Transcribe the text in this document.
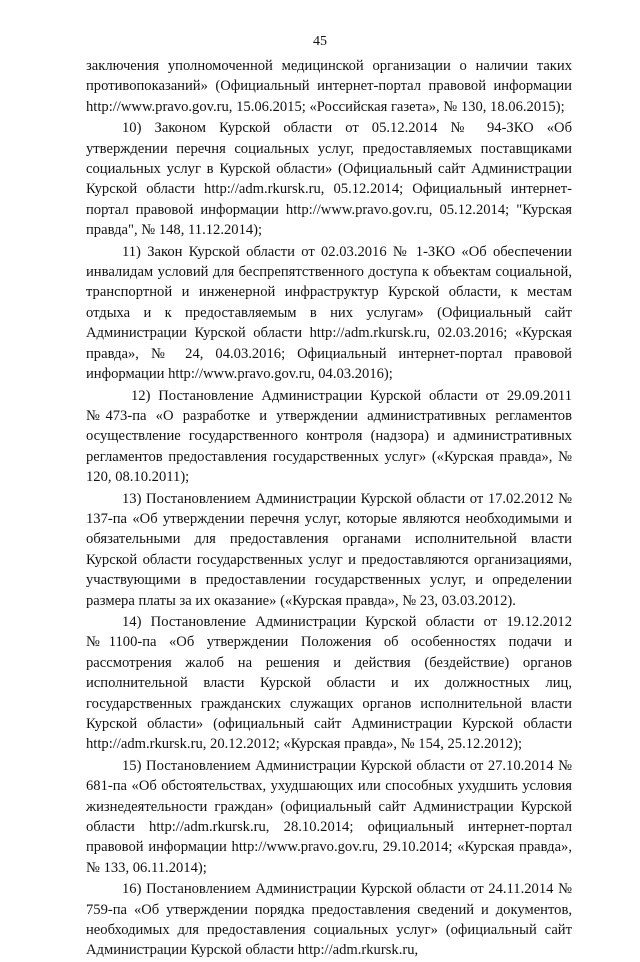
45

заключения уполномоченной медицинской организации о наличии таких противопоказаний» (Официальный интернет-портал правовой информации http://www.pravo.gov.ru, 15.06.2015; «Российская газета», № 130, 18.06.2015);

10) Законом Курской области от 05.12.2014 № 94-ЗКО «Об утверждении перечня социальных услуг, предоставляемых поставщиками социальных услуг в Курской области» (Официальный сайт Администрации Курской области http://adm.rkursk.ru, 05.12.2014; Официальный интернет-портал правовой информации http://www.pravo.gov.ru, 05.12.2014; "Курская правда", № 148, 11.12.2014);

11) Закон Курской области от 02.03.2016 № 1-ЗКО «Об обеспечении инвалидам условий для беспрепятственного доступа к объектам социальной, транспортной и инженерной инфраструктур Курской области, к местам отдыха и к предоставляемым в них услугам» (Официальный сайт Администрации Курской области http://adm.rkursk.ru, 02.03.2016; «Курская правда», № 24, 04.03.2016; Официальный интернет-портал правовой информации http://www.pravo.gov.ru, 04.03.2016);

12) Постановление Администрации Курской области от 29.09.2011 №473-па «О разработке и утверждении административных регламентов осуществление государственного контроля (надзора) и административных регламентов предоставления государственных услуг» («Курская правда», № 120, 08.10.2011);

13) Постановлением Администрации Курской области от 17.02.2012 № 137-па «Об утверждении перечня услуг, которые являются необходимыми и обязательными для предоставления органами исполнительной власти Курской области государственных услуг и предоставляются организациями, участвующими в предоставлении государственных услуг, и определении размера платы за их оказание» («Курская правда», № 23, 03.03.2012).

14) Постановление Администрации Курской области от 19.12.2012 №1100-па «Об утверждении Положения об особенностях подачи и рассмотрения жалоб на решения и действия (бездействие) органов исполнительной власти Курской области и их должностных лиц, государственных гражданских служащих органов исполнительной власти Курской области» (официальный сайт Администрации Курской области http://adm.rkursk.ru, 20.12.2012; «Курская правда», № 154, 25.12.2012);

15) Постановлением Администрации Курской области от 27.10.2014 № 681-па «Об обстоятельствах, ухудшающих или способных ухудшить условия жизнедеятельности граждан» (официальный сайт Администрации Курской области http://adm.rkursk.ru, 28.10.2014; официальный интернет-портал правовой информации http://www.pravo.gov.ru, 29.10.2014; «Курская правда», № 133, 06.11.2014);

16) Постановлением Администрации Курской области от 24.11.2014 № 759-па «Об утверждении порядка предоставления сведений и документов, необходимых для предоставления социальных услуг» (официальный сайт Администрации Курской области http://adm.rkursk.ru,
